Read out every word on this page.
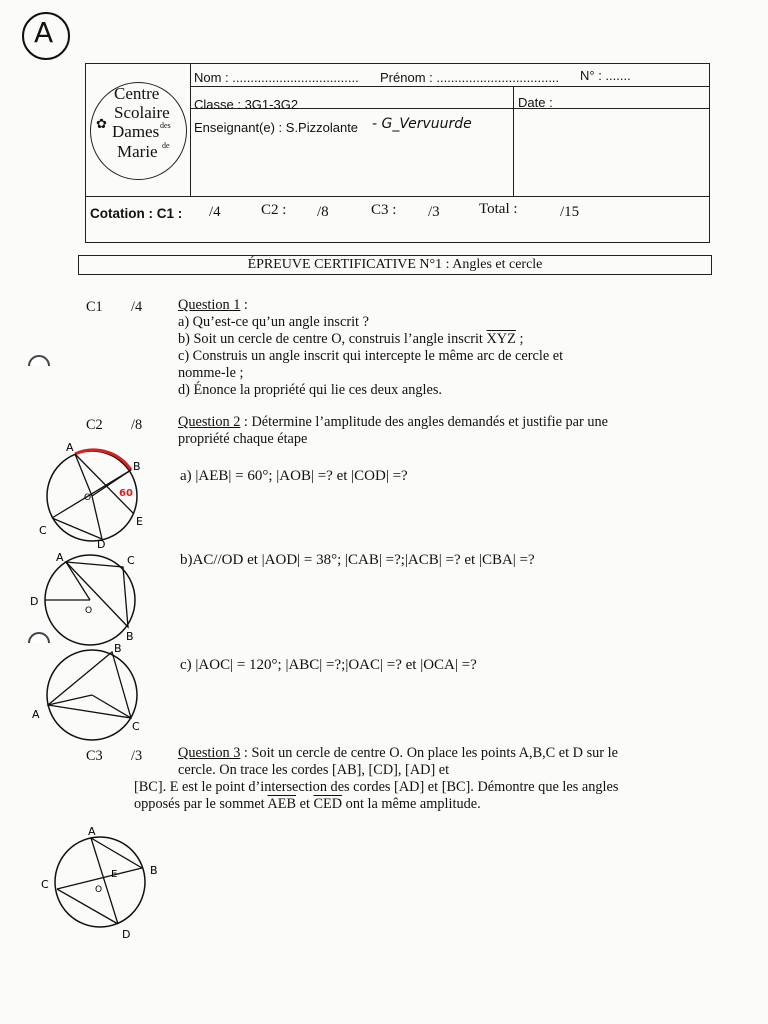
A
Centre
Scolaire
des
Dames
de
Marie
✿
Nom : ................................... Prénom : .................................. N° : .......
Classe : 3G1-3G2	Date :
Enseignant(e) : S.Pizzolante - G_Vervuurde
Cotation : C1 : /4	C2 : /8	C3 : /3	Total :	/15
ÉPREUVE CERTIFICATIVE N°1 : Angles et cercle
C1 /4	Question 1 :
a) Qu’est-ce qu’un angle inscrit ?
b) Soit un cercle de centre O, construis l’angle inscrit $\overline{XYZ}$ ;
c) Construis un angle inscrit qui intercepte le même arc de cercle et
nomme-le ;
d) Énonce la propriété qui lie ces deux angles.
C2 /8	Question 2 : Détermine l’amplitude des angles demandés et justifie par une
propriété chaque étape
a) |AEB| = 60°; |AOB| =? et |COD| =?
b)AC//OD et |AOD| = 38°; |CAB| =?;|ACB| =? et |CBA| =?
c) |AOC| = 120°; |ABC| =?;|OAC| =? et |OCA| =?
C3 /3	Question 3 : Soit un cercle de centre O. On place les points A,B,C et D sur le
cercle. On trace les cordes [AB], [CD], [AD] et
[BC]. E est le point d’intersection des cordes [AD] et [BC]. Démontre que les angles
opposés par le sommet $\overline{AEB}$ et $\overline{CED}$ ont la même amplitude.
A
B
C
D
E
O	60
A	C
D
O
B
B
A
C
A
B
C
E
O
D
